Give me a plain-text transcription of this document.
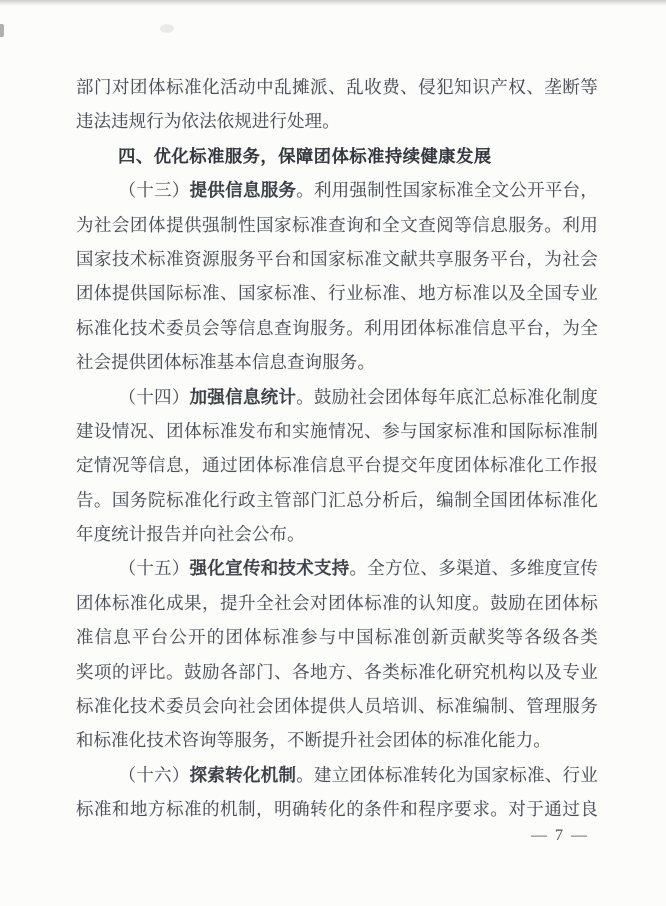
部门对团体标准化活动中乱摊派、乱收费、侵犯知识产权、垄断等
违法违规行为依法依规进行处理。
四、优化标准服务，保障团体标准持续健康发展
（十三）提供信息服务。利用强制性国家标准全文公开平台，
为社会团体提供强制性国家标准查询和全文查阅等信息服务。利用
国家技术标准资源服务平台和国家标准文献共享服务平台，为社会
团体提供国际标准、国家标准、行业标准、地方标准以及全国专业
标准化技术委员会等信息查询服务。利用团体标准信息平台，为全
社会提供团体标准基本信息查询服务。
（十四）加强信息统计。鼓励社会团体每年底汇总标准化制度
建设情况、团体标准发布和实施情况、参与国家标准和国际标准制
定情况等信息，通过团体标准信息平台提交年度团体标准化工作报
告。国务院标准化行政主管部门汇总分析后，编制全国团体标准化
年度统计报告并向社会公布。
（十五）强化宣传和技术支持。全方位、多渠道、多维度宣传
团体标准化成果，提升全社会对团体标准的认知度。鼓励在团体标
准信息平台公开的团体标准参与中国标准创新贡献奖等各级各类
奖项的评比。鼓励各部门、各地方、各类标准化研究机构以及专业
标准化技术委员会向社会团体提供人员培训、标准编制、管理服务
和标准化技术咨询等服务，不断提升社会团体的标准化能力。
（十六）探索转化机制。建立团体标准转化为国家标准、行业
标准和地方标准的机制，明确转化的条件和程序要求。对于通过良
— 7 —
